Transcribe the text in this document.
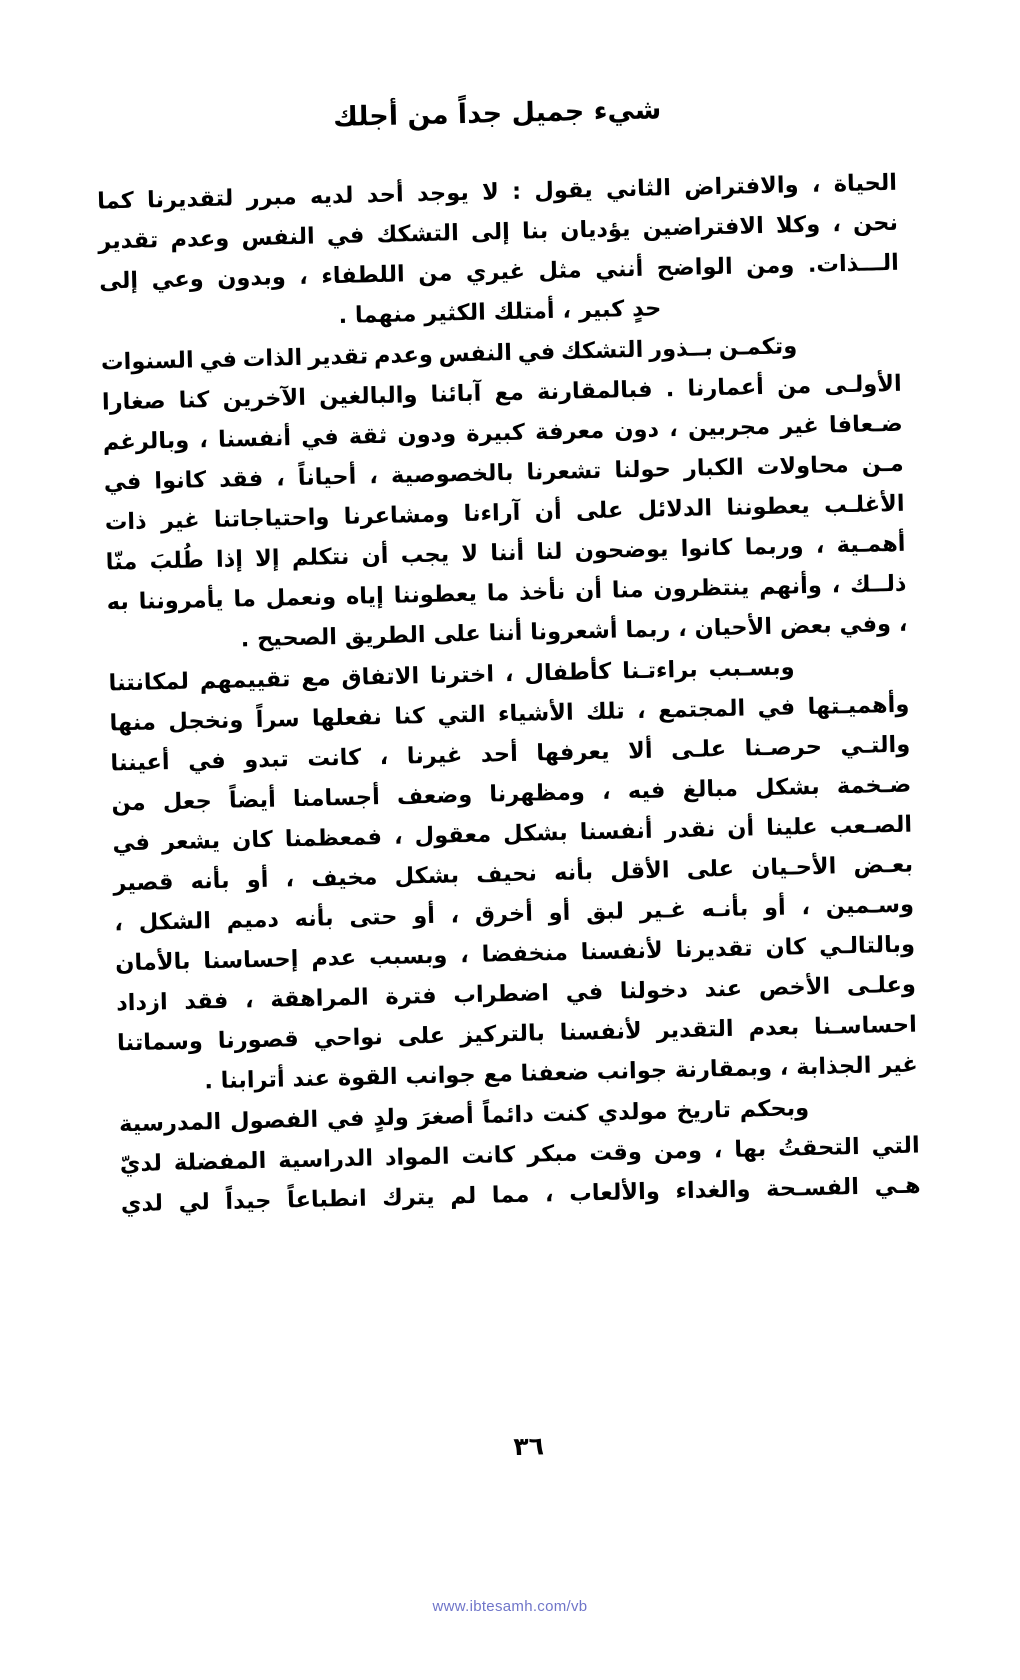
شيء جميل جداً من أجلك
الحياة
،
والافتراض
الثاني
يقول
:
لا
يوجد
أحد
لديه
مبرر
لتقديرنا
كما
نحن
،
وكلا
الافتراضين
يؤديان
بنا
إلى
التشكك
في
النفس
وعدم
تقدير
الـــذات.
ومن
الواضح
أنني
مثل
غيري
من
اللطفاء
،
وبدون
وعي
إلى
حدٍ كبير ، أمتلك الكثير منهما .
وتكمـن
بــذور
التشكك
في
النفس
وعدم
تقدير
الذات
في
السنوات
الأولـى
من
أعمارنا
.
فبالمقارنة
مع
آبائنا
والبالغين
الآخرين
كنا
صغارا
ضـعافا
غير
مجربين
،
دون
معرفة
كبيرة
ودون
ثقة
في
أنفسنا
،
وبالرغم
مـن
محاولات
الكبار
حولنا
تشعرنا
بالخصوصية
،
أحياناً
،
فقد
كانوا
في
الأغلـب
يعطوننا
الدلائل
على
أن
آراءنا
ومشاعرنا
واحتياجاتنا
غير
ذات
أهمـية
،
وربما
كانوا
يوضحون
لنا
أننا
لا
يجب
أن
نتكلم
إلا
إذا
طُلبَ
منّا
ذلــك
،
وأنهم
ينتظرون
منا
أن
نأخذ
ما
يعطوننا
إياه
ونعمل
ما
يأمروننا
به
، وفي بعض الأحيان ، ربما أشعرونا أننا على الطريق الصحيح .
وبسـبب
براءتـنا
كأطفال
،
اخترنا
الاتفاق
مع
تقييمهم
لمكانتنا
وأهميـتها
في
المجتمع
،
تلك
الأشياء
التي
كنا
نفعلها
سراً
ونخجل
منها
والتـي
حرصـنا
علـى
ألا
يعرفها
أحد
غيرنا
،
كانت
تبدو
في
أعيننا
ضـخمة
بشكل
مبالغ
فيه
،
ومظهرنا
وضعف
أجسامنا
أيضاً
جعل
من
الصـعب
علينا
أن
نقدر
أنفسنا
بشكل
معقول
،
فمعظمنا
كان
يشعر
في
بعـض
الأحـيان
على
الأقل
بأنه
نحيف
بشكل
مخيف
،
أو
بأنه
قصير
وسـمين
،
أو
بأنـه
غـير
لبق
أو
أخرق
،
أو
حتى
بأنه
دميم
الشكل
،
وبالتالـي
كان
تقديرنا
لأنفسنا
منخفضا
،
وبسبب
عدم
إحساسنا
بالأمان
وعلـى
الأخص
عند
دخولنا
في
اضطراب
فترة
المراهقة
،
فقد
ازداد
احساسـنا
بعدم
التقدير
لأنفسنا
بالتركيز
على
نواحي
قصورنا
وسماتنا
غير الجذابة ، وبمقارنة جوانب ضعفنا مع جوانب القوة عند أترابنا .
وبحكم
تاريخ
مولدي
كنت
دائماً
أصغرَ
ولدٍ
في
الفصول
المدرسية
التي
التحقتُ
بها
،
ومن
وقت
مبكر
كانت
المواد
الدراسية
المفضلة
لديّ
هـي
الفسـحة
والغداء
والألعاب
،
مما
لم
يترك
انطباعاً
جيداً
لي
لدي
٣٦
www.ibtesamh.com/vb
